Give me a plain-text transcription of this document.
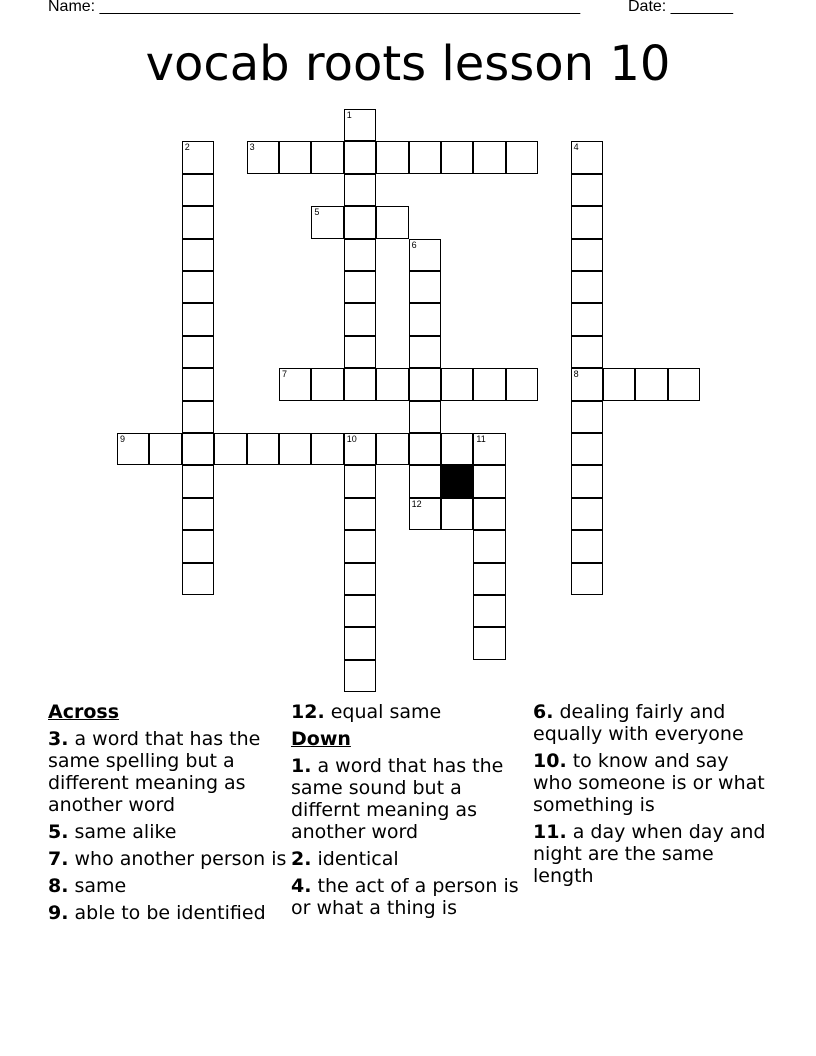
Name: ______________________________________________________	Date: _______
vocab roots lesson 10
1
2	3	4
8
5
6
12
7
9	10	11
Across
3. a word that has the same spelling but a different meaning as another word
5. same alike
7. who another person is
8. same
9. able to be identified
12. equal same
Down
1. a word that has the same sound but a differnt meaning as another word
2. identical
4. the act of a person is or what a thing is
6. dealing fairly and equally with everyone
10. to know and say who someone is or what something is
11. a day when day and night are the same length
